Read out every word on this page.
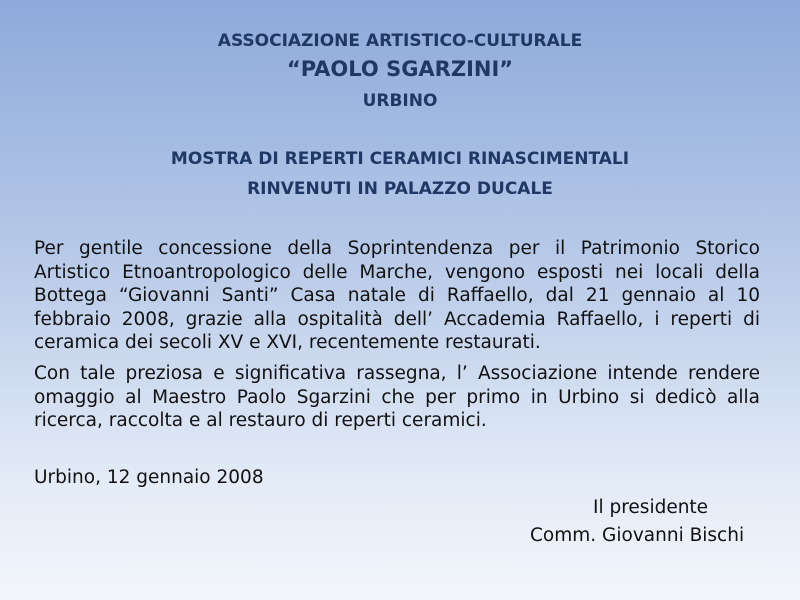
ASSOCIAZIONE ARTISTICO-CULTURALE
“PAOLO SGARZINI”
URBINO
MOSTRA DI REPERTI CERAMICI RINASCIMENTALI
RINVENUTI IN PALAZZO DUCALE

Per gentile concessione della Soprintendenza per il Patrimonio Storico Artistico Etnoantropologico delle Marche, vengono esposti nei locali della Bottega “Giovanni Santi” Casa natale di Raffaello, dal 21 gennaio al 10 febbraio 2008, grazie alla ospitalità dell’ Accademia Raffaello, i reperti di ceramica dei secoli XV e XVI, recentemente restaurati.

Con tale preziosa e significativa rassegna, l’ Associazione intende rendere omaggio al Maestro Paolo Sgarzini che per primo in Urbino si dedicò alla ricerca, raccolta e al restauro di reperti ceramici.

Urbino, 12 gennaio 2008

Il presidente

Comm. Giovanni Bischi
